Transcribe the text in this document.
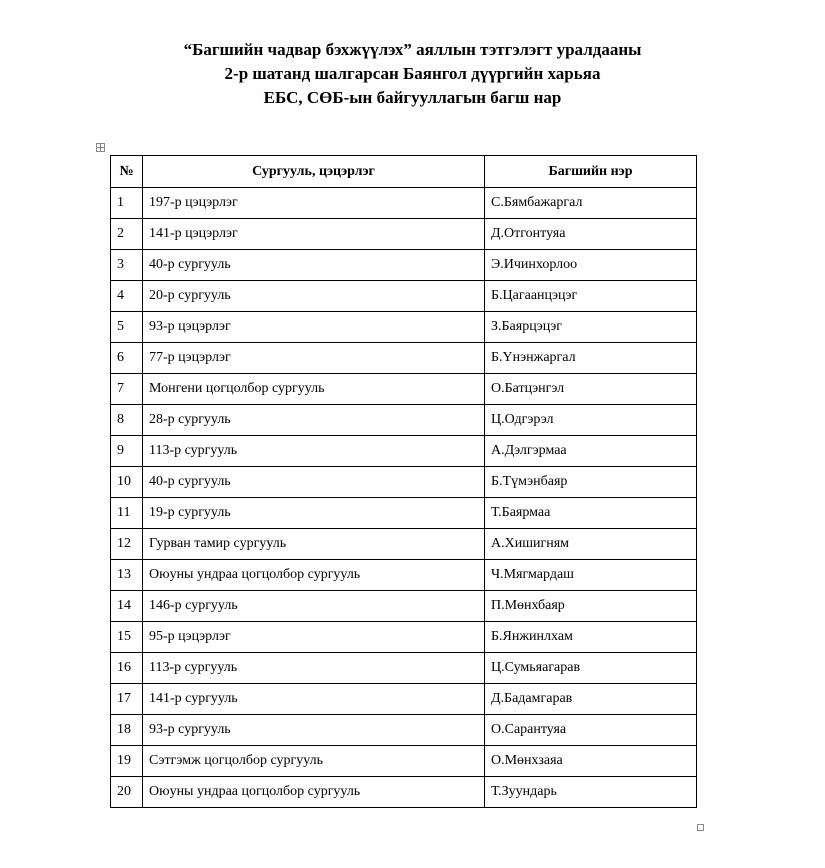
“Багшийн чадвар бэхжүүлэх” аяллын тэтгэлэгт уралдааны
2-р шатанд шалгарсан Баянгол дүүргийн харьяа
ЕБС, СӨБ-ын байгууллагын багш нар
№	Сургууль, цэцэрлэг	Багшийн нэр
1	197-р цэцэрлэг	С.Бямбажаргал
2	141-р цэцэрлэг	Д.Отгонтуяа
3	40-р сургууль	Э.Ичинхорлоо
4	20-р сургууль	Б.Цагаанцэцэг
5	93-р цэцэрлэг	З.Баярцэцэг
6	77-р цэцэрлэг	Б.Үнэнжаргал
7	Монгени цогцолбор сургууль	О.Батцэнгэл
8	28-р сургууль	Ц.Одгэрэл
9	113-р сургууль	А.Дэлгэрмаа
10	40-р сургууль	Б.Түмэнбаяр
11	19-р сургууль	Т.Баярмаа
12	Гурван тамир сургууль	А.Хишигням
13	Оюуны ундраа цогцолбор сургууль	Ч.Мягмардаш
14	146-р сургууль	П.Мөнхбаяр
15	95-р цэцэрлэг	Б.Янжинлхам
16	113-р сургууль	Ц.Сумьяагарав
17	141-р сургууль	Д.Бадамгарав
18	93-р сургууль	О.Сарантуяа
19	Сэтгэмж цогцолбор сургууль	О.Мөнхзаяа
20	Оюуны ундраа цогцолбор сургууль	Т.Зуундарь
